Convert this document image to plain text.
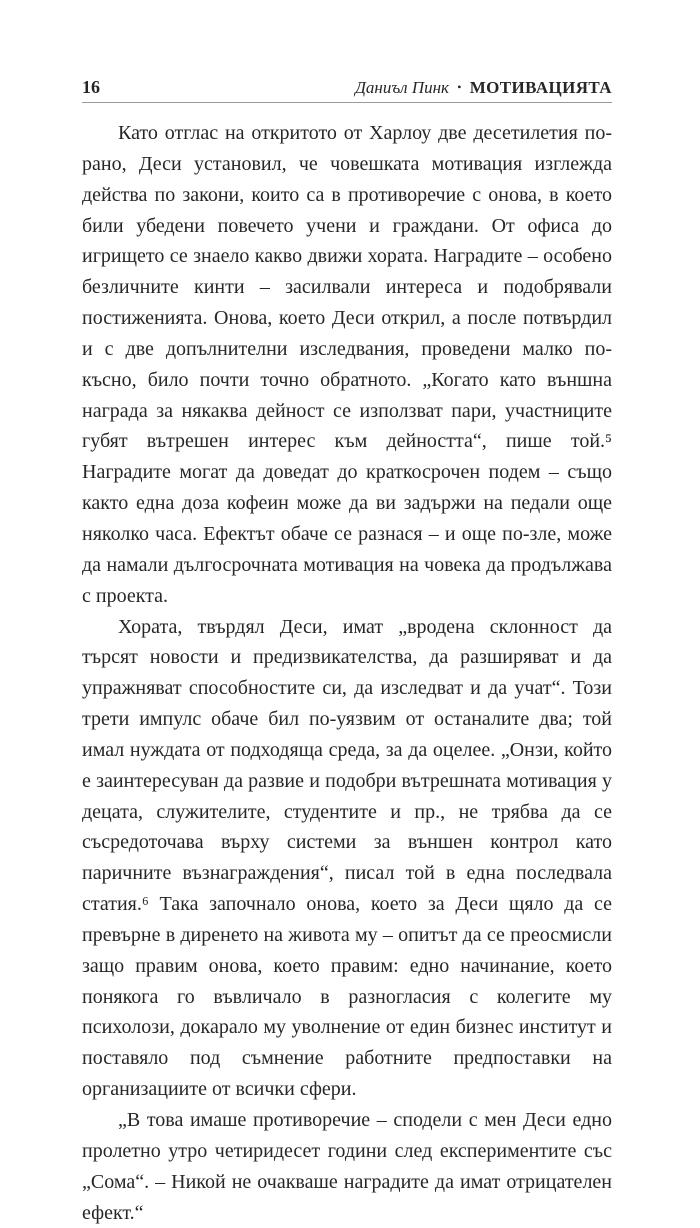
16	Даниъл Пинк • МОТИВАЦИЯТА

Като отглас на откритото от Харлоу две десетилетия по-рано, Деси установил, че човешката мотивация изглежда действа по закони, които са в противоречие с онова, в което били убедени повечето учени и граждани. От офиса до игрището се знаело какво движи хората. Наградите – особено безличните кинти – засилвали интереса и подобрявали постиженията. Онова, което Деси открил, а после потвърдил и с две допълнителни изследвания, проведени малко по-късно, било почти точно обратното. „Когато като външна награда за някаква дейност се използват пари, участниците губят вътрешен интерес към дейността“, пише той.⁵ Наградите могат да доведат до краткосрочен подем – също както една доза кофеин може да ви задържи на педали още няколко часа. Ефектът обаче се разнася – и още по-зле, може да намали дългосрочната мотивация на човека да продължава с проекта.

Хората, твърдял Деси, имат „вродена склонност да търсят новости и предизвикателства, да разширяват и да упражняват способностите си, да изследват и да учат“. Този трети импулс обаче бил по-уязвим от останалите два; той имал нуждата от подходяща среда, за да оцелее. „Онзи, който е заинтересуван да развие и подобри вътрешната мотивация у децата, служителите, студентите и пр., не трябва да се съсредоточава върху системи за външен контрол като паричните възнаграждения“, писал той в една последвала статия.⁶ Така започнало онова, което за Деси щяло да се превърне в диренето на живота му – опитът да се преосмисли защо правим онова, което правим: едно начинание, което понякога го въвличало в разногласия с колегите му психолози, докарало му уволнение от един бизнес институт и поставяло под съмнение работните предпоставки на организациите от всички сфери.

„В това имаше противоречие – сподели с мен Деси едно пролетно утро четиридесет години след експериментите със „Сома“. – Никой не очакваше наградите да имат отрицателен ефект.“
